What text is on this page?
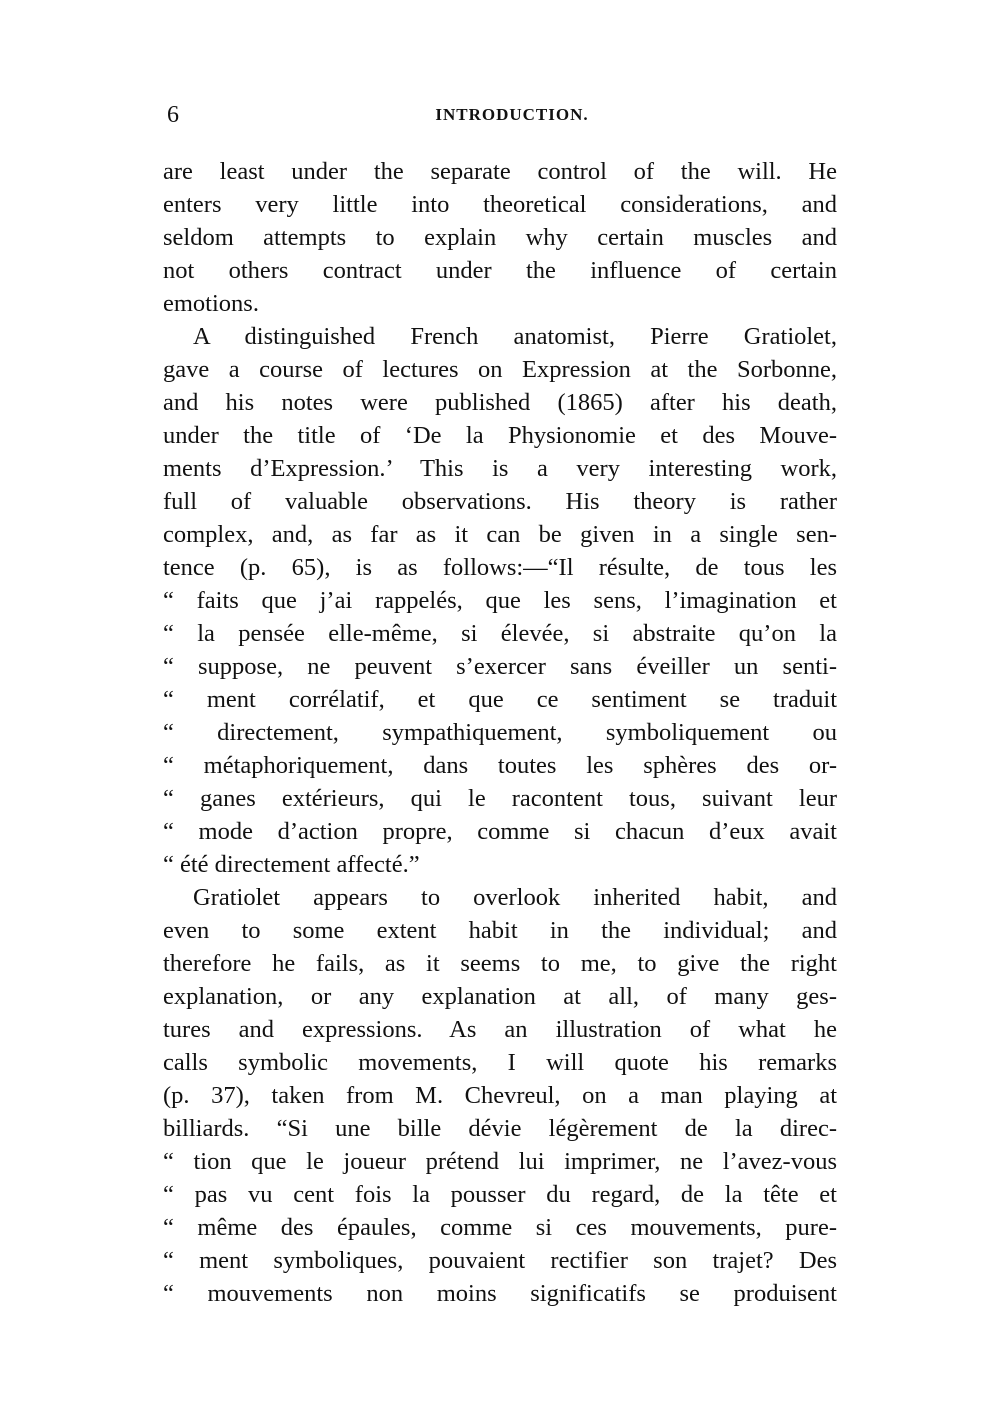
6	INTRODUCTION.
are least under the separate control of the will. He
enters very little into theoretical considerations, and
seldom attempts to explain why certain muscles and
not others contract under the influence of certain
emotions.
A distinguished French anatomist, Pierre Gratiolet,
gave a course of lectures on Expression at the Sorbonne,
and his notes were published (1865) after his death,
under the title of ‘De la Physionomie et des Mouve-
ments d’Expression.’ This is a very interesting work,
full of valuable observations. His theory is rather
complex, and, as far as it can be given in a single sen-
tence (p. 65), is as follows:—“Il résulte, de tous les
“ faits que j’ai rappelés, que les sens, l’imagination et
“ la pensée elle-même, si élevée, si abstraite qu’on la
“ suppose, ne peuvent s’exercer sans éveiller un senti-
“ ment corrélatif, et que ce sentiment se traduit
“ directement, sympathiquement, symboliquement ou
“ métaphoriquement, dans toutes les sphères des or-
“ ganes extérieurs, qui le racontent tous, suivant leur
“ mode d’action propre, comme si chacun d’eux avait
“ été directement affecté.”
Gratiolet appears to overlook inherited habit, and
even to some extent habit in the individual; and
therefore he fails, as it seems to me, to give the right
explanation, or any explanation at all, of many ges-
tures and expressions. As an illustration of what he
calls symbolic movements, I will quote his remarks
(p. 37), taken from M. Chevreul, on a man playing at
billiards. “Si une bille dévie légèrement de la direc-
“ tion que le joueur prétend lui imprimer, ne l’avez-vous
“ pas vu cent fois la pousser du regard, de la tête et
“ même des épaules, comme si ces mouvements, pure-
“ ment symboliques, pouvaient rectifier son trajet? Des
“ mouvements non moins significatifs se produisent
